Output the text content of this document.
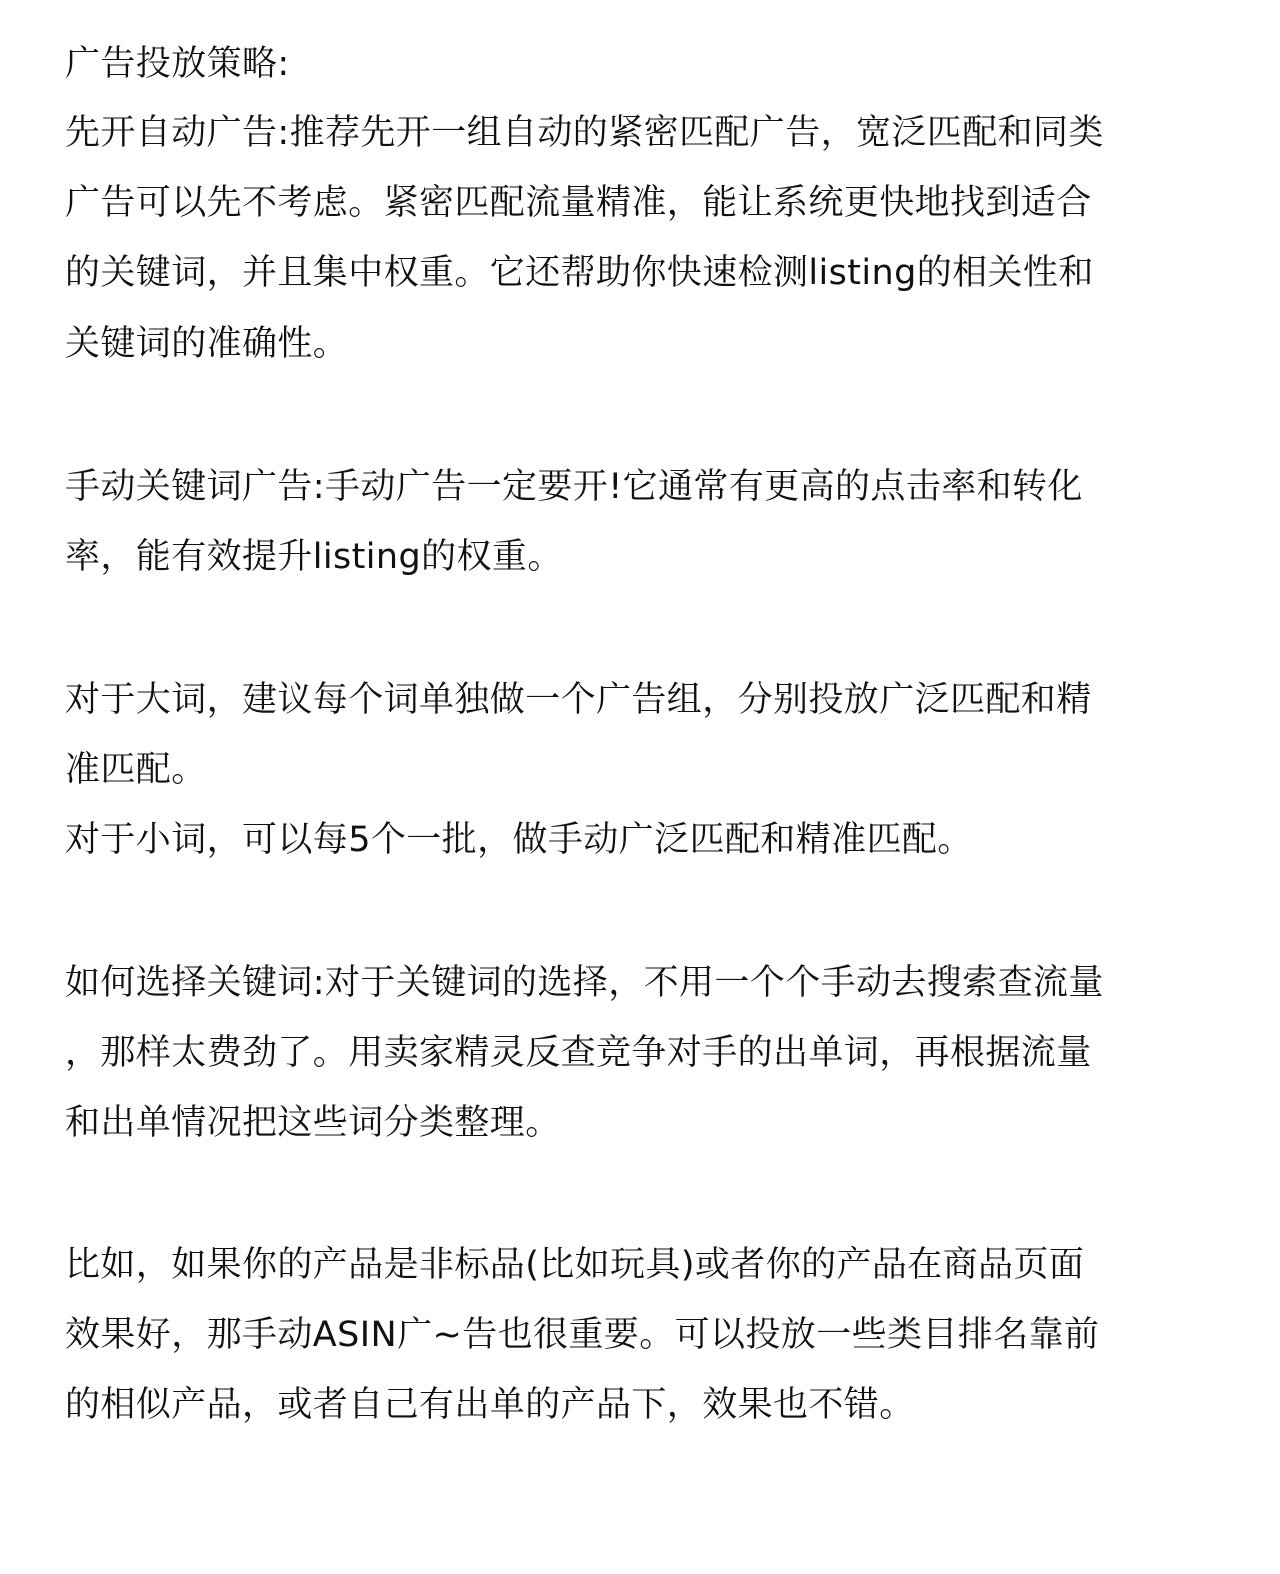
广告投放策略:
先开自动广告:推荐先开一组自动的紧密匹配广告，宽泛匹配和同类
广告可以先不考虑。紧密匹配流量精准，能让系统更快地找到适合
的关键词，并且集中权重。它还帮助你快速检测listing的相关性和
关键词的准确性。
手动关键词广告:手动广告一定要开!它通常有更高的点击率和转化
率，能有效提升listing的权重。
对于大词，建议每个词单独做一个广告组，分别投放广泛匹配和精
准匹配。
对于小词，可以每5个一批，做手动广泛匹配和精准匹配。
如何选择关键词:对于关键词的选择，不用一个个手动去搜索查流量
，那样太费劲了。用卖家精灵反查竞争对手的出单词，再根据流量
和出单情况把这些词分类整理。
比如，如果你的产品是非标品(比如玩具)或者你的产品在商品页面
效果好，那手动ASIN广~告也很重要。可以投放一些类目排名靠前
的相似产品，或者自己有出单的产品下，效果也不错。
